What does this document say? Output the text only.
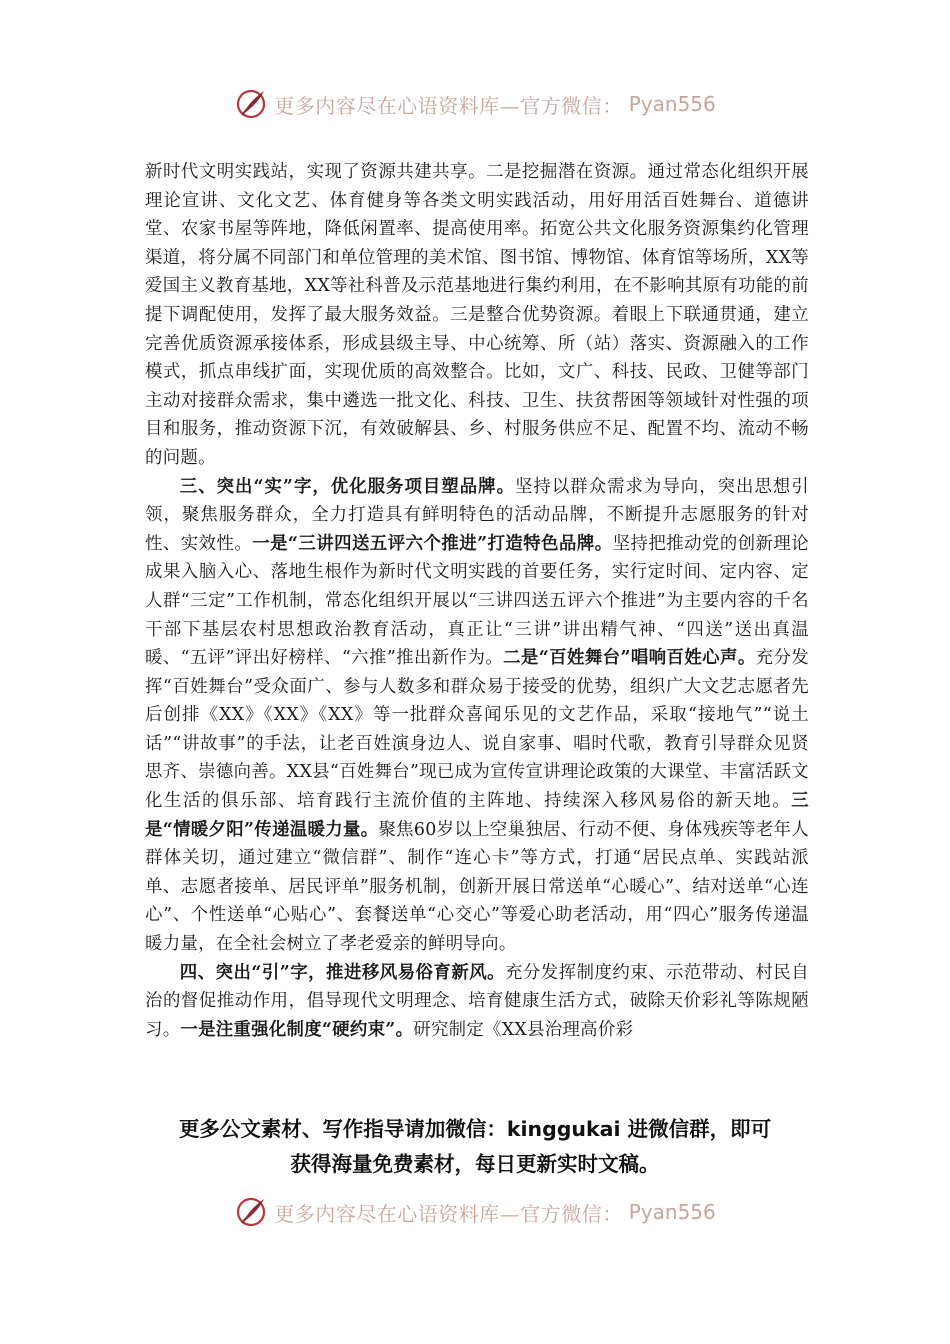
更多内容尽在心语资料库—官方微信： Pyan556

新时代文明实践站，实现了资源共建共享。二是挖掘潜在资源。通过常态化组织开展理论宣讲、文化文艺、体育健身等各类文明实践活动，用好用活百姓舞台、道德讲堂、农家书屋等阵地，降低闲置率、提高使用率。拓宽公共文化服务资源集约化管理渠道，将分属不同部门和单位管理的美术馆、图书馆、博物馆、体育馆等场所，XX等爱国主义教育基地，XX等社科普及示范基地进行集约利用，在不影响其原有功能的前提下调配使用，发挥了最大服务效益。三是整合优势资源。着眼上下联通贯通，建立完善优质资源承接体系，形成县级主导、中心统筹、所（站）落实、资源融入的工作模式，抓点串线扩面，实现优质的高效整合。比如，文广、科技、民政、卫健等部门主动对接群众需求，集中遴选一批文化、科技、卫生、扶贫帮困等领域针对性强的项目和服务，推动资源下沉，有效破解县、乡、村服务供应不足、配置不均、流动不畅的问题。

三、突出“实”字，优化服务项目塑品牌。坚持以群众需求为导向，突出思想引领，聚焦服务群众，全力打造具有鲜明特色的活动品牌，不断提升志愿服务的针对性、实效性。一是“三讲四送五评六个推进”打造特色品牌。坚持把推动党的创新理论成果入脑入心、落地生根作为新时代文明实践的首要任务，实行定时间、定内容、定人群“三定”工作机制，常态化组织开展以“三讲四送五评六个推进”为主要内容的千名干部下基层农村思想政治教育活动，真正让“三讲”讲出精气神、“四送”送出真温暖、“五评”评出好榜样、“六推”推出新作为。二是“百姓舞台”唱响百姓心声。充分发挥“百姓舞台”受众面广、参与人数多和群众易于接受的优势，组织广大文艺志愿者先后创排《XX》《XX》《XX》等一批群众喜闻乐见的文艺作品，采取“接地气”“说土话”“讲故事”的手法，让老百姓演身边人、说自家事、唱时代歌，教育引导群众见贤思齐、崇德向善。XX县“百姓舞台”现已成为宣传宣讲理论政策的大课堂、丰富活跃文化生活的俱乐部、培育践行主流价值的主阵地、持续深入移风易俗的新天地。三是“情暖夕阳”传递温暖力量。聚焦60岁以上空巢独居、行动不便、身体残疾等老年人群体关切，通过建立“微信群”、制作“连心卡”等方式，打通“居民点单、实践站派单、志愿者接单、居民评单”服务机制，创新开展日常送单“心暖心”、结对送单“心连心”、个性送单“心贴心”、套餐送单“心交心”等爱心助老活动，用“四心”服务传递温暖力量，在全社会树立了孝老爱亲的鲜明导向。

四、突出“引”字，推进移风易俗育新风。充分发挥制度约束、示范带动、村民自治的督促推动作用，倡导现代文明理念、培育健康生活方式，破除天价彩礼等陈规陋习。一是注重强化制度“硬约束”。研究制定《XX县治理高价彩

更多公文素材、写作指导请加微信：kinggukai 进微信群，即可
获得海量免费素材，每日更新实时文稿。
更多内容尽在心语资料库—官方微信： Pyan556
